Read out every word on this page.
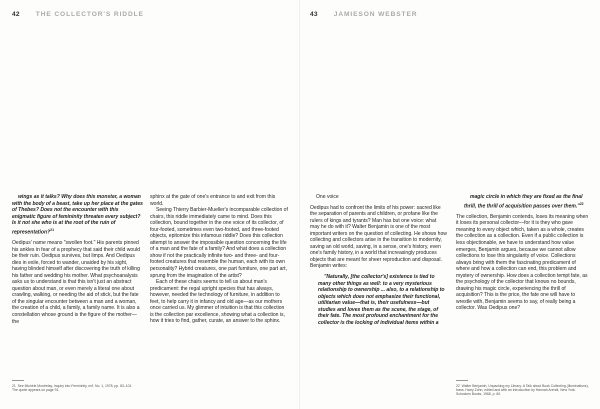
42 THE COLLECTOR'S RIDDLE

wings as it talks? Why does this monster, a woman with the body of a beast, take up her place at the gates of Thebes? Does not the encounter with this enigmatic figure of femininity threaten every subject? Is it not she who is at the root of the ruin of representation?$^{21}$

Oedipus' name means "swollen foot." His parents pinned his ankles in fear of a prophecy that said their child would be their ruin. Oedipus survives, but limps. And Oedipus dies in exile, forced to wander, unaided by his sight, having blinded himself after discovering the truth of killing his father and wedding his mother. What psychoanalysis asks us to understand is that this isn't just an abstract question about man, or even merely a literal one about crawling, walking, or needing the aid of stick, but the fate of the singular encounter between a man and a woman, the creation of a child, a family, a family name. It is also a constellation whose ground is the figure of the mother—the

sphinx at the gate of one's entrance to and exit from this world.

Seeing Thierry Barbier-Mueller's incomparable collection of chairs, this riddle immediately came to mind. Does this collection, bound together in the one voice of its collector, of four-footed, sometimes even two-footed, and three-footed objects, epitomize this infamous riddle? Does this collection attempt to answer the impossible question concerning the life of a man and the fate of a family? And what does a collection show if not the practically infinite two- and three- and four-footed creatures that resemble the human, each with its own personality? Hybrid creatures, one part furniture, one part art, sprung from the imagination of the artist?

Each of these chairs seems to tell us about man's predicament: the regal upright species that has always, however, needed the technology of furniture, in addition to feet, to help carry it in infancy and old age—as our mothers once carried us. My glimmer of intuition is that this collection is the collection par excellence, showing what a collection is, how it tries to find, gather, curate, an answer to the sphinx.

21 See Michèle Montrelay, Inquiry into Femininity, m/f, No. 1, 1978, pp. 83–101. The quote appears on page 91.
43 JAMIESON WEBSTER

One voice

Oedipus had to confront the limits of his power: sacred like the separation of parents and children, or profane like the rulers of kings and tyrants? Man has but one voice: what may he do with it? Walter Benjamin is one of the most important writers on the question of collecting. He shows how collecting and collectors arise in the transition to modernity, saving an old world, saving, in a sense, one's history, even one's family history, in a world that increasingly produces objects that are meant for sheer reproduction and disposal. Benjamin writes:

"Naturally, [the collector's] existence is tied to many other things as well: to a very mysterious relationship to ownership ... also, to a relationship to objects which does not emphasize their functional, utilitarian value—that is, their usefulness—but studies and loves them as the scene, the stage, of their fate. The most profound enchantment for the collector is the locking of individual items within a

magic circle in which they are fixed as the final thrill, the thrill of acquisition passes over them."$^{22}$

The collection, Benjamin contends, loses its meaning when it loses its personal collector—for it is they who gave meaning to every object which, taken as a whole, creates the collection as a collection. Even if a public collection is less objectionable, we have to understand how value emerges, Benjamin argues, because we cannot allow collections to lose this singularity of voice. Collections always bring with them the fascinating predicament of where and how a collection can end, this problem and mystery of ownership. How does a collection tempt fate, as the psychology of the collector that knows no bounds, drawing his magic circle, experiencing the thrill of acquisition? This is the price, the fate one will have to wrestle with, Benjamin seems to say, of really being a collector. Was Oedipus one?

22 Walter Benjamin, Unpacking my Library: A Talk about Book Collecting (Illuminations), trans. Harry Zohn, edited and with an introduction by Hannah Arendt, New York: Schocken Books, 1968, p. 60.
